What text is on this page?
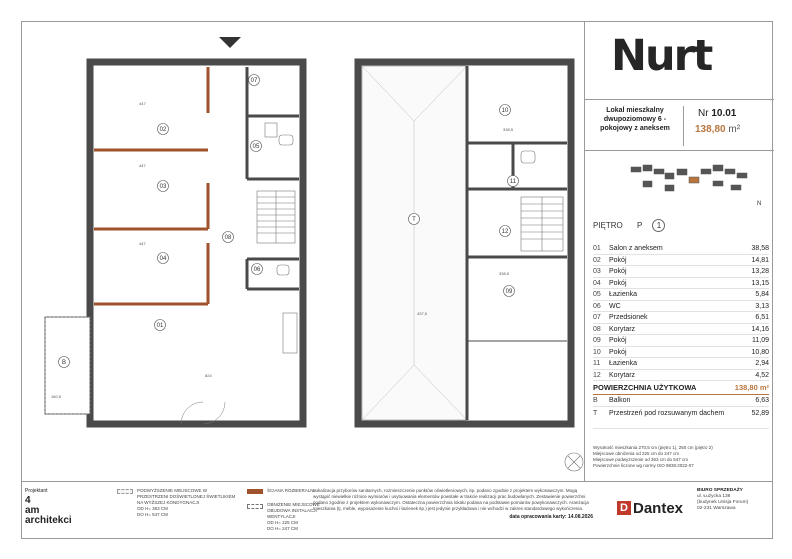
447
447
447
824
160,5
02
03
04
01
07
05
08
06
B
437,5
338,5
338,5
T
10
11
12
09
Nurt
Lokal mieszkalny dwupoziomowy 6 - pokojowy z aneksem
Nr 10.01
138,80 m²
N
PIĘTRO P 1
01	Salon z aneksem	38,58
02	Pokój	14,81
03	Pokój	13,28
04	Pokój	13,15
05	Łazienka	5,84
06	WC	3,13
07	Przedsionek	6,51
08	Korytarz	14,16
09	Pokój	11,09
10	Pokój	10,80
11	Łazienka	2,94
12	Korytarz	4,52
POWIERZCHNIA UŻYTKOWA	138,80 m²
B	Balkon	6,63
T	Przestrzeń pod rozsuwanym dachem	52,89
Wysokość mieszkania 270,5 cm (piętro 1), 250 cm (piętro 2)
Miejscowe obniżenia od 225 cm do 247 cm
Miejscowe podwyższenie od 363 cm do 547 cm
Powierzchnie liczone wg normy ISO 9836:2022-07
Projektant
4
am
architekci
PODWYŻSZENIE MIEJSCOWE W PRZESTRZENI DOŚWIETLONEJ ŚWIETLIKIEM NA WYŻSZEJ KONDYGNACJI
OD H= 363 CM
DO H= 547 CM
ŚCIANA ROZBIERALNA
OBNIŻENIE MIEJSCOWE OBUDOWA INSTALACJI WENTYLACJI
OD H= 225 CM
DO H= 247 CM
Lokalizacja przyborów sanitarnych, rozmieszczenie punktów oświetleniowych, itp. podano zgodnie z projektem wykonawczym. Mogą wystąpić niewielkie różnice wymiarów i usytuowania elementów powstałe w trakcie realizacji prac budowlanych. Zestawienie powierzchni podano zgodnie z projektem wykonawczym. Ostateczna powierzchnia lokalu podana na podstawie pomiarów powykonawczych. Aranżacja mieszkania (tj. meble, wyposażenie kuchni i łazienek itp.) jest jedynie przykładowa i nie wchodzi w zakres standardowego wykończenia.
data opracowania karty: 14.08.2026
D Dantex
BIURO SPRZEDAŻY
ul. Łużycka 138
(budynek Unisja Forum)
02-231 Warszawa
